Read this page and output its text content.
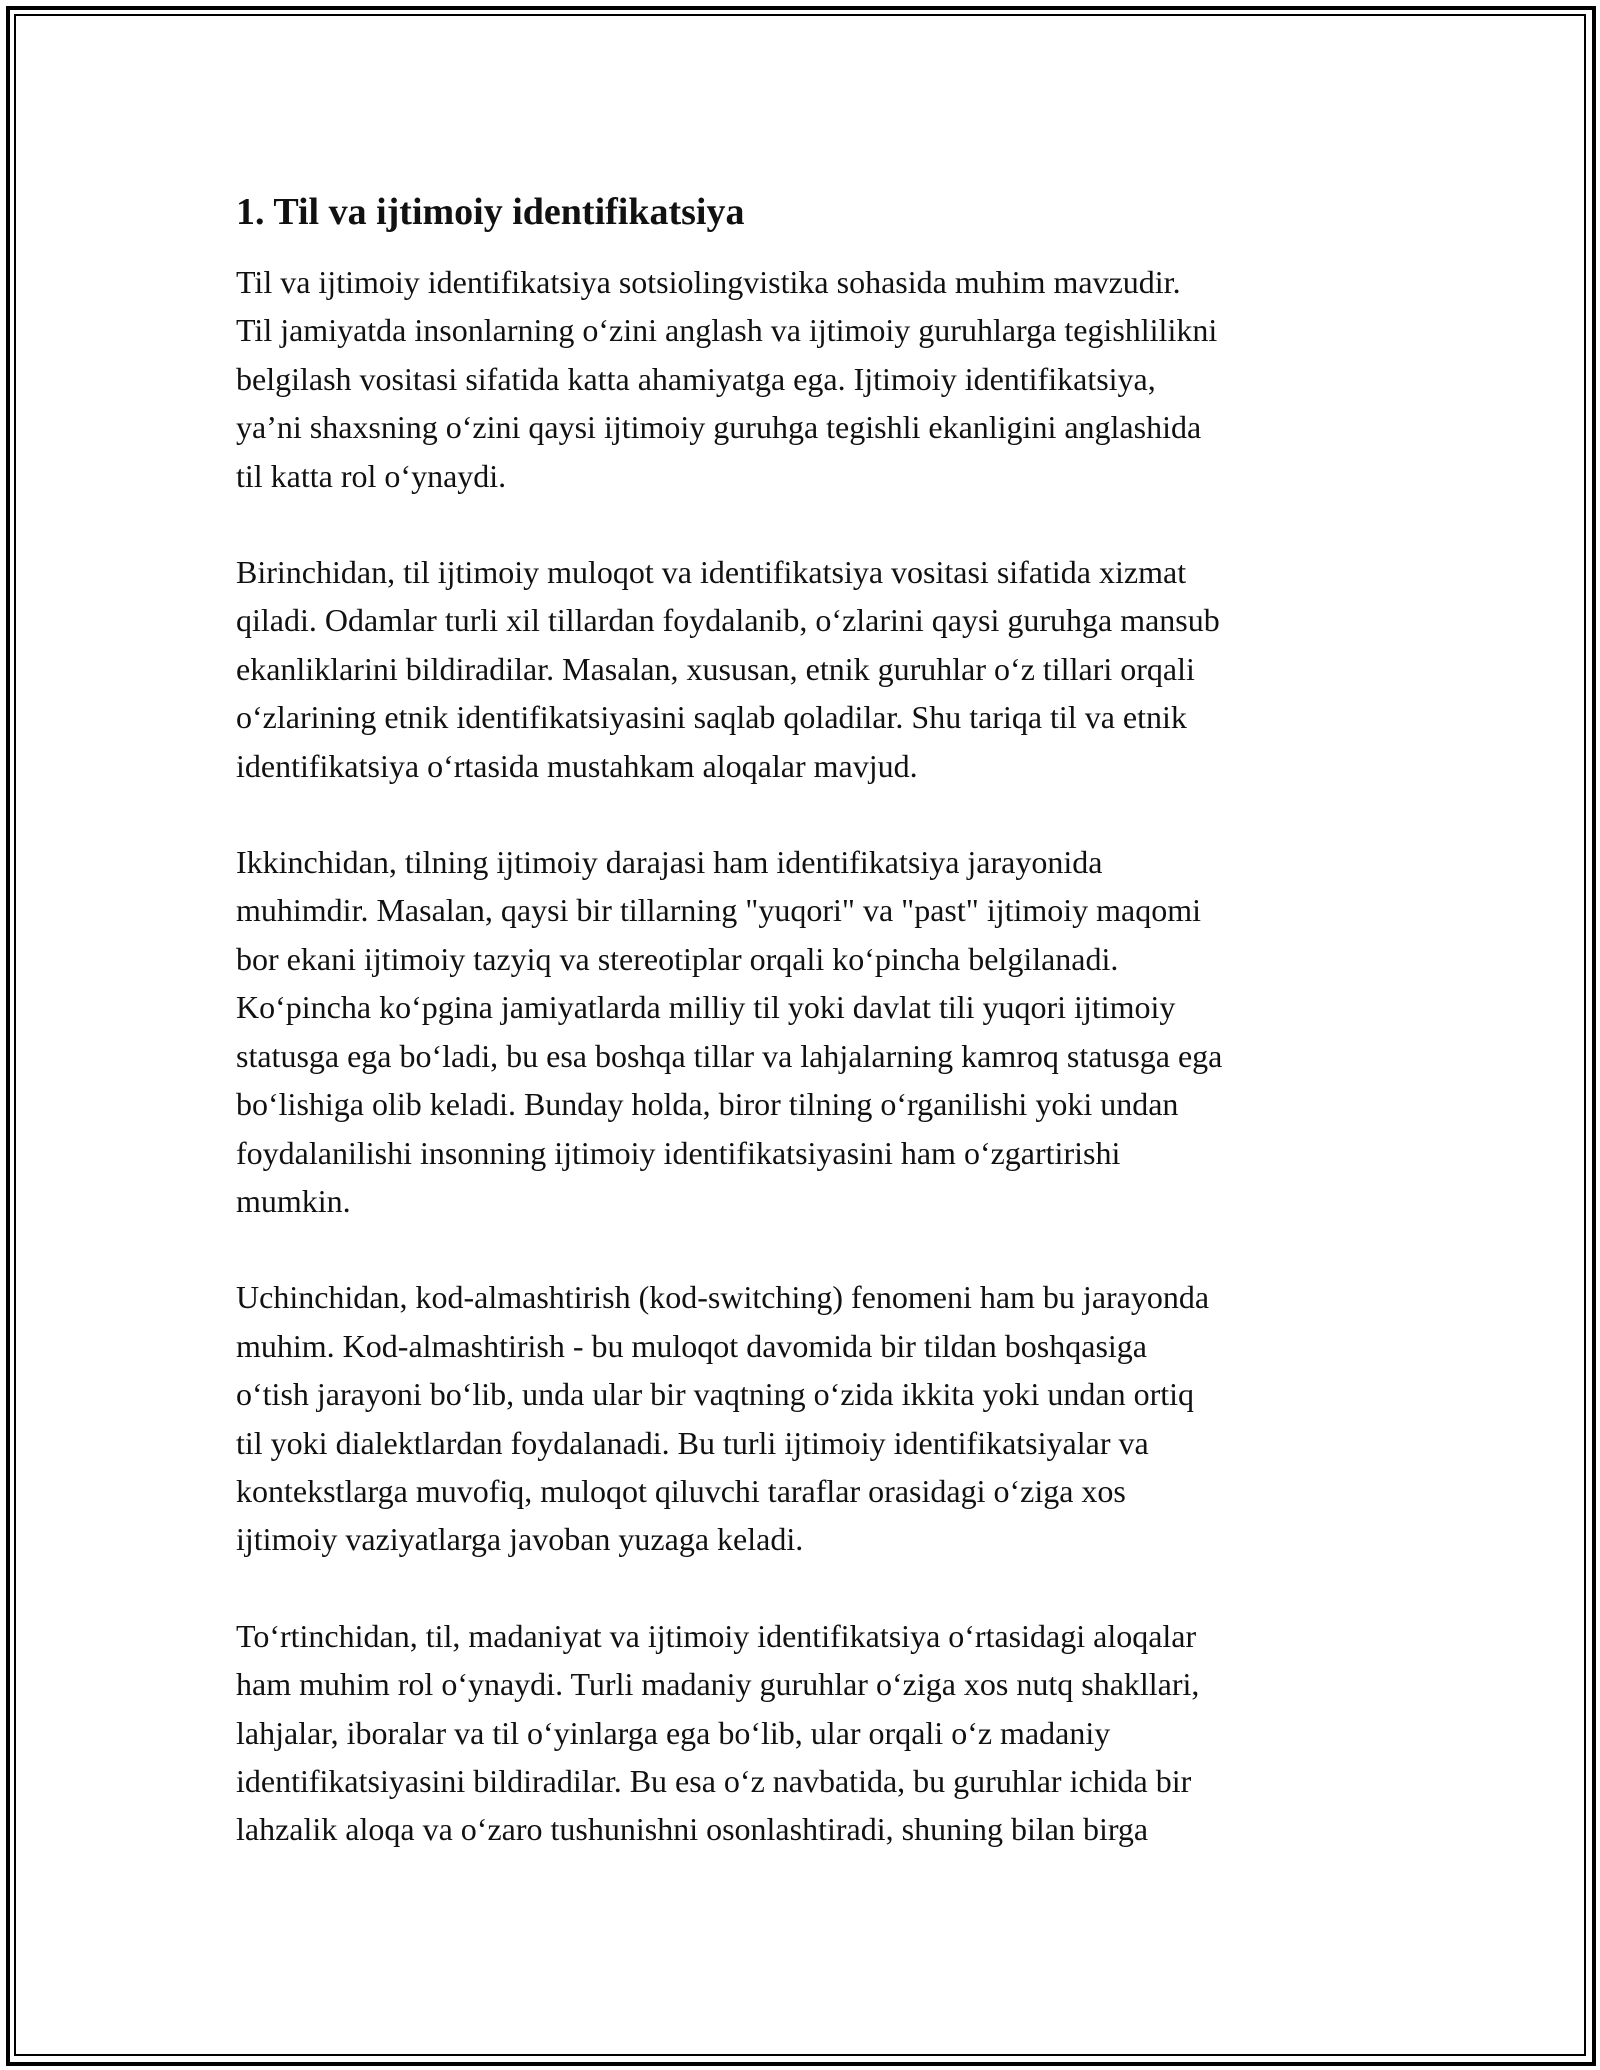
1. Til va ijtimoiy identifikatsiya

Til va ijtimoiy identifikatsiya sotsiolingvistika sohasida muhim mavzudir.
Til jamiyatda insonlarning o‘zini anglash va ijtimoiy guruhlarga tegishlilikni
belgilash vositasi sifatida katta ahamiyatga ega. Ijtimoiy identifikatsiya,
ya’ni shaxsning o‘zini qaysi ijtimoiy guruhga tegishli ekanligini anglashida
til katta rol o‘ynaydi.

Birinchidan, til ijtimoiy muloqot va identifikatsiya vositasi sifatida xizmat
qiladi. Odamlar turli xil tillardan foydalanib, o‘zlarini qaysi guruhga mansub
ekanliklarini bildiradilar. Masalan, xususan, etnik guruhlar o‘z tillari orqali
o‘zlarining etnik identifikatsiyasini saqlab qoladilar. Shu tariqa til va etnik
identifikatsiya o‘rtasida mustahkam aloqalar mavjud.

Ikkinchidan, tilning ijtimoiy darajasi ham identifikatsiya jarayonida
muhimdir. Masalan, qaysi bir tillarning "yuqori" va "past" ijtimoiy maqomi
bor ekani ijtimoiy tazyiq va stereotiplar orqali ko‘pincha belgilanadi.
Ko‘pincha ko‘pgina jamiyatlarda milliy til yoki davlat tili yuqori ijtimoiy
statusga ega bo‘ladi, bu esa boshqa tillar va lahjalarning kamroq statusga ega
bo‘lishiga olib keladi. Bunday holda, biror tilning o‘rganilishi yoki undan
foydalanilishi insonning ijtimoiy identifikatsiyasini ham o‘zgartirishi
mumkin.

Uchinchidan, kod-almashtirish (kod-switching) fenomeni ham bu jarayonda
muhim. Kod-almashtirish - bu muloqot davomida bir tildan boshqasiga
o‘tish jarayoni bo‘lib, unda ular bir vaqtning o‘zida ikkita yoki undan ortiq
til yoki dialektlardan foydalanadi. Bu turli ijtimoiy identifikatsiyalar va
kontekstlarga muvofiq, muloqot qiluvchi taraflar orasidagi o‘ziga xos
ijtimoiy vaziyatlarga javoban yuzaga keladi.

To‘rtinchidan, til, madaniyat va ijtimoiy identifikatsiya o‘rtasidagi aloqalar
ham muhim rol o‘ynaydi. Turli madaniy guruhlar o‘ziga xos nutq shakllari,
lahjalar, iboralar va til o‘yinlarga ega bo‘lib, ular orqali o‘z madaniy
identifikatsiyasini bildiradilar. Bu esa o‘z navbatida, bu guruhlar ichida bir
lahzalik aloqa va o‘zaro tushunishni osonlashtiradi, shuning bilan birga
